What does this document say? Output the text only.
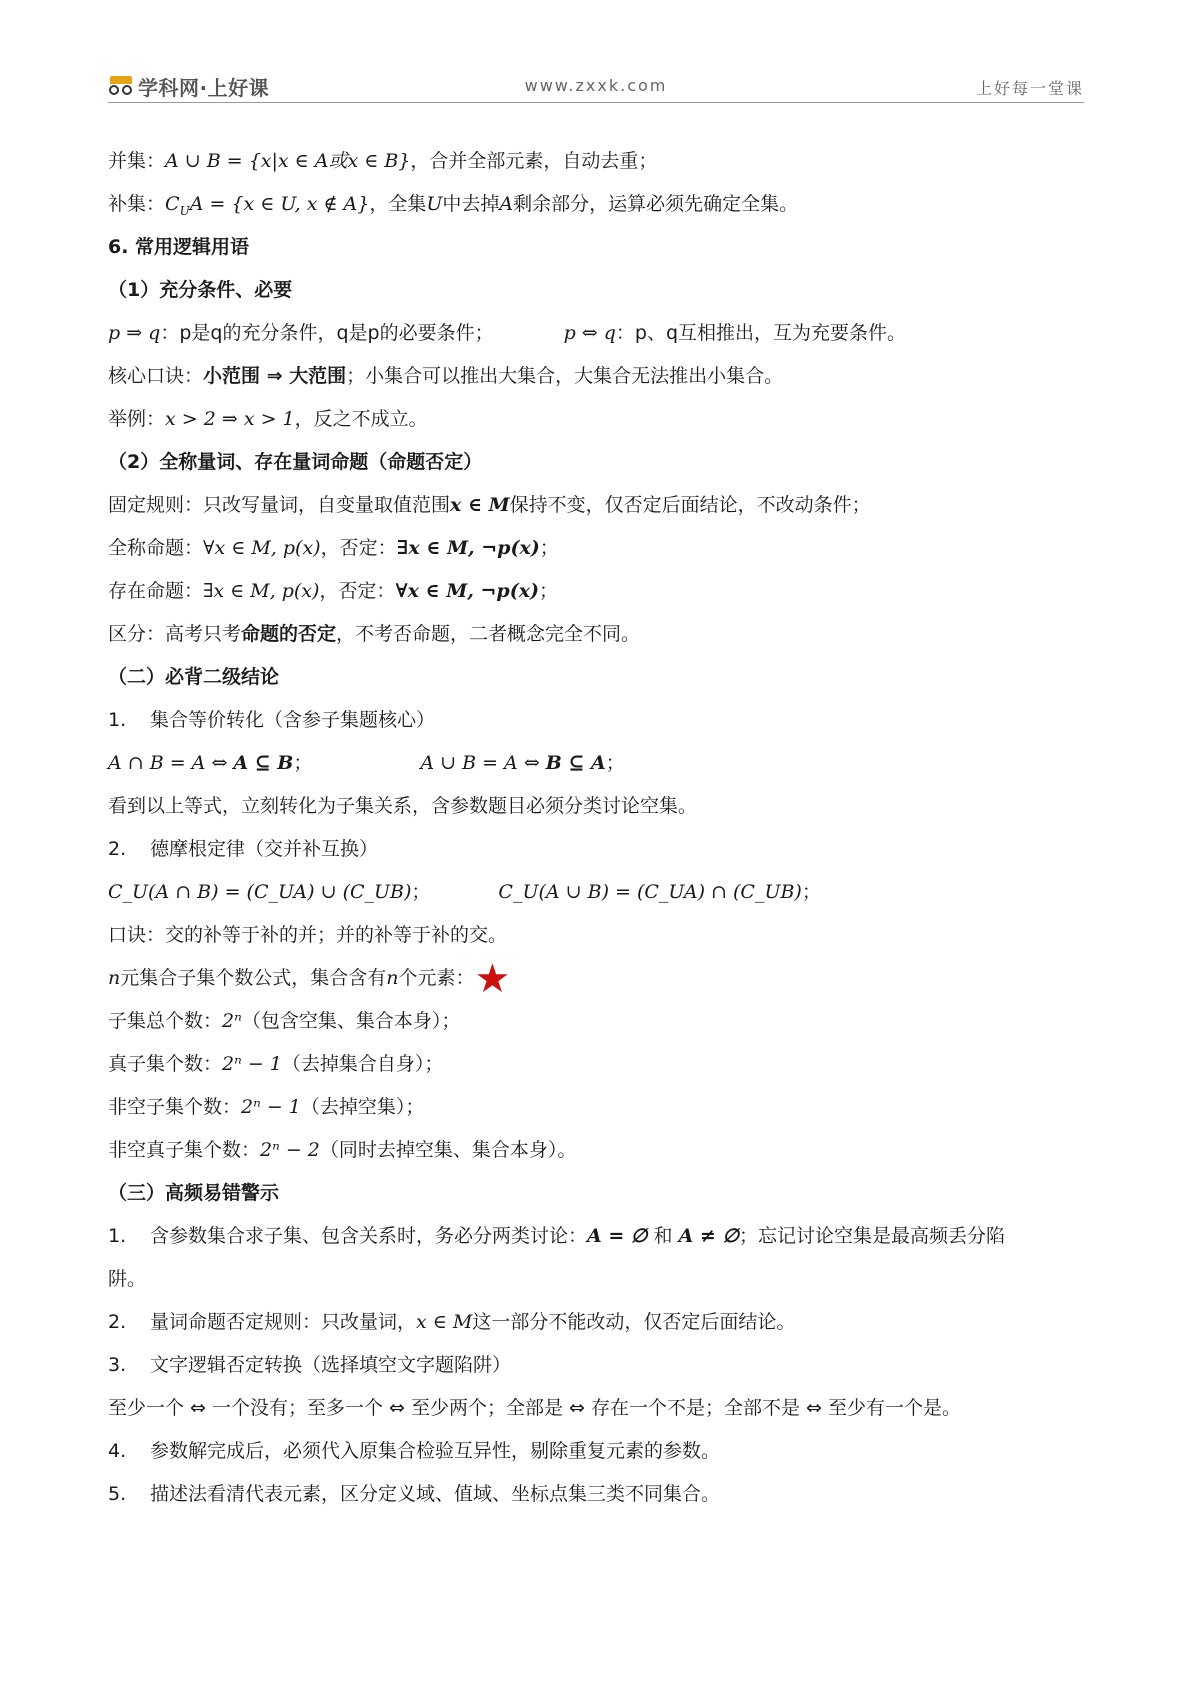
学科网·上好课	www.zxxk.com	上好每一堂课
并集：A ∪ B = {x|x ∈ A或x ∈ B}，合并全部元素，自动去重；
补集：$C_UA = \{x$ ∈ U, x ∉ A}，全集U中去掉A剩余部分，运算必须先确定全集。
6. 常用逻辑用语
（1）充分条件、必要
p ⇒ q：p是q的充分条件，q是p的必要条件；	p ⇔ q：p、q互相推出，互为充要条件。
核心口诀：小范围 ⇒ 大范围；小集合可以推出大集合，大集合无法推出小集合。
举例：x > 2 ⇒ x > 1，反之不成立。
（2）全称量词、存在量词命题（命题否定）
固定规则：只改写量词，自变量取值范围x ∈ M保持不变，仅否定后面结论，不改动条件；
全称命题：∀x ∈ M, p(x)，否定：∃x ∈ M, ¬p(x)；
存在命题：∃x ∈ M, p(x)，否定：∀x ∈ M, ¬p(x)；
区分：高考只考命题的否定，不考否命题，二者概念完全不同。
（二）必背二级结论
1. 集合等价转化（含参子集题核心）
A ∩ B = A ⇔ A ⊆ B；	A ∪ B = A ⇔ B ⊆ A；
看到以上等式，立刻转化为子集关系，含参数题目必须分类讨论空集。
2. 德摩根定律（交并补互换）
C_U(A ∩ B) = (C_UA) ∪ (C_UB)；	C_U(A ∪ B) = (C_UA) ∩ (C_UB)；
口诀：交的补等于补的并；并的补等于补的交。
n元集合子集个数公式，集合含有n个元素：★
子集总个数：2ⁿ（包含空集、集合本身）；
真子集个数：2ⁿ − 1（去掉集合自身）；
非空子集个数：2ⁿ − 1（去掉空集）；
非空真子集个数：2ⁿ − 2（同时去掉空集、集合本身）。
（三）高频易错警示
1. 含参数集合求子集、包含关系时，务必分两类讨论：A = ∅ 和 A ≠ ∅；忘记讨论空集是最高频丢分陷
阱。
2. 量词命题否定规则：只改量词，x ∈ M这一部分不能改动，仅否定后面结论。
3. 文字逻辑否定转换（选择填空文字题陷阱）
至少一个 ⇔ 一个没有；至多一个 ⇔ 至少两个；全部是 ⇔ 存在一个不是；全部不是 ⇔ 至少有一个是。
4. 参数解完成后，必须代入原集合检验互异性，剔除重复元素的参数。
5. 描述法看清代表元素，区分定义域、值域、坐标点集三类不同集合。
